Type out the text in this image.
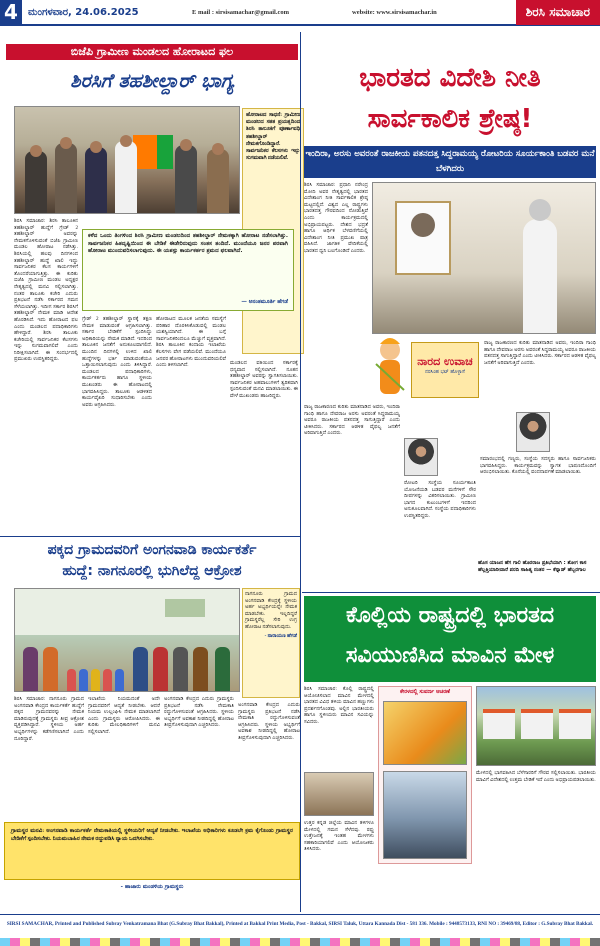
4	ಮಂಗಳವಾರ, 24.06.2025	E mail : sirsisamachar@gmail.com	website: www.sirsisamachar.in	ಶಿರಸಿ ಸಮಾಚಾರ
ಬಿಜೆಪಿ ಗ್ರಾಮೀಣ ಮಂಡಲದ ಹೋರಾಟದ ಫಲ
ಶಿರಸಿಗೆ ತಹಶೀಲ್ದಾರ್ ಭಾಗ್ಯ
ಹೋರಾಟದ ಸಾಧನೆ: ಗ್ರಾಮೀಣ ಮಂಡಲದ ಸತತ ಪ್ರಯತ್ನದಿಂದ ಶಿರಸಿ ತಾಲೂಕಿಗೆ ಪೂರ್ಣಾವಧಿ ತಹಶೀಲ್ದಾರ್ ನೇಮಕಗೊಂಡಿದ್ದಾರೆ. ಸಾರ್ವಜನಿಕರ ಕೆಲಸಗಳು ಇನ್ನು ಸುಗಮವಾಗಿ ನಡೆಯಲಿವೆ.
ಶಿರಸಿ ಸಮಾಚಾರ: ಶಿರಸಿ ತಾಲೂಕಿನ ತಹಶೀಲ್ದಾರ್ ಹುದ್ದೆಗೆ ಗ್ರೇಡ್ 2 ತಹಶೀಲ್ದಾರ್ ಅವರನ್ನು ನೇಮಕಗೊಳಿಸುವಂತೆ ಬಿಜೆಪಿ ಗ್ರಾಮೀಣ ಮಂಡಲ ಹೋರಾಟ ನಡೆಸಿತ್ತು. ಶಿರಸಿಯಲ್ಲಿ ಹಲವು ದಿನಗಳಿಂದ ತಹಶೀಲ್ದಾರ್ ಹುದ್ದೆ ಖಾಲಿ ಇದ್ದು ಸಾರ್ವಜನಿಕರ ಕೆಲಸ ಕಾರ್ಯಗಳಿಗೆ ತೊಂದರೆಯಾಗುತ್ತಿತ್ತು. ಈ ಕುರಿತು ಬಿಜೆಪಿ ಗ್ರಾಮೀಣ ಮಂಡಲ ಅಧ್ಯಕ್ಷರ ನೇತೃತ್ವದಲ್ಲಿ ಮನವಿ ಸಲ್ಲಿಸಲಾಗಿತ್ತು. ನಂತರ ತಾಲೂಕು ಕಚೇರಿ ಎದುರು ಪ್ರತಿಭಟನೆ ನಡೆಸಿ ಸರ್ಕಾರದ ಗಮನ ಸೆಳೆಯಲಾಗಿತ್ತು. ಇದೀಗ ಸರ್ಕಾರ ಶಿರಸಿಗೆ ತಹಶೀಲ್ದಾರ್ ನೇಮಕ ಮಾಡಿ ಆದೇಶ ಹೊರಡಿಸಿದೆ. ಇದು ಹೋರಾಟದ ಫಲ ಎಂದು ಮಂಡಲದ ಪದಾಧಿಕಾರಿಗಳು ಹೇಳಿದ್ದಾರೆ. ಶಿರಸಿ ತಾಲೂಕು ಕಚೇರಿಯಲ್ಲಿ ಸಾರ್ವಜನಿಕರ ಕೆಲಸಗಳು ಇನ್ನು ಸುಗಮವಾಗಲಿವೆ ಎಂದು ನಿರೀಕ್ಷಿಸಲಾಗಿದೆ. ಈ ಸಂದರ್ಭದಲ್ಲಿ ಪ್ರಮುಖರು ಉಪಸ್ಥಿತರಿದ್ದರು.
ಕಳೆದ ಒಂದು ತಿಂಗಳಿಂದ ಶಿರಸಿ ಗ್ರಾಮೀಣ ಮಂಡಲದಿಂದ ತಹಶೀಲ್ದಾರ್ ನೇಮಕಕ್ಕಾಗಿ ಹೋರಾಟ ನಡೆಸಲಾಗಿತ್ತು. ಸಾರ್ವಜನಿಕರ ಹಿತದೃಷ್ಟಿಯಿಂದ ಈ ಬೇಡಿಕೆ ಈಡೇರಿರುವುದು ಸಂತಸ ತಂದಿದೆ. ಮುಂದೆಯೂ ಜನರ ಪರವಾಗಿ ಹೋರಾಟ ಮುಂದುವರಿಸಲಾಗುವುದು. ಈ ಯಶಸ್ಸು ಕಾರ್ಯಕರ್ತರ ಶ್ರಮದ ಫಲವಾಗಿದೆ.
— ಅನಂತಮೂರ್ತಿ ಹೆಗಡೆ
ಗ್ರೇಡ್ 2 ತಹಶೀಲ್ದಾರ್ ಸ್ಥಾನಕ್ಕೆ ತಕ್ಷಣ ನೇಮಕ ಮಾಡುವಂತೆ ಆಗ್ರಹಿಸಲಾಗಿತ್ತು. ಸರ್ಕಾರ ಬೇಡಿಕೆಗೆ ಸ್ಪಂದಿಸಿದ್ದು ಅಧಿಕಾರಿಯನ್ನು ನೇಮಕ ಮಾಡಿದೆ. ಇದರಿಂದ ತಾಲೂಕಿನ ಜನತೆಗೆ ಅನುಕೂಲವಾಗಲಿದೆ. ಮುಂದಿನ ದಿನಗಳಲ್ಲಿ ಉಳಿದ ಖಾಲಿ ಹುದ್ದೆಗಳನ್ನು ಭರ್ತಿ ಮಾಡುವಂತೆಯೂ ಒತ್ತಾಯಿಸಲಾಗುವುದು ಎಂದು ತಿಳಿಸಿದ್ದಾರೆ. ಮಂಡಲದ ಪದಾಧಿಕಾರಿಗಳು, ಕಾರ್ಯಕರ್ತರು ಹಾಗೂ ಸ್ಥಳೀಯ ಮುಖಂಡರು ಈ ಹೋರಾಟದಲ್ಲಿ ಭಾಗವಹಿಸಿದ್ದರು. ತಾಲೂಕು ಆಡಳಿತದ ಕಾರ್ಯವೈಖರಿ ಸುಧಾರಿಸಬೇಕು ಎಂದು ಅವರು ಆಗ್ರಹಿಸಿದರು.
ಹೋರಾಟದ ಮೂಲಕ ಜನತೆಯ ಸಮಸ್ಯೆಗೆ ಪರಿಹಾರ ದೊರಕಿಸಿಕೊಡುವಲ್ಲಿ ಮಂಡಲ ಯಶಸ್ವಿಯಾಗಿದೆ. ಈ ಬಗ್ಗೆ ಸಾರ್ವಜನಿಕರಿಂದಲೂ ಮೆಚ್ಚುಗೆ ವ್ಯಕ್ತವಾಗಿದೆ. ಶಿರಸಿ ತಾಲೂಕಿನ ಕಂದಾಯ ಇಲಾಖೆಯ ಕೆಲಸಗಳು ವೇಗ ಪಡೆಯಲಿವೆ. ಮುಂದೆಯೂ ಜನಪರ ಹೋರಾಟಗಳು ಮುಂದುವರಿಯಲಿವೆ ಎಂದು ತಿಳಿಸಲಾಗಿದೆ.	ಮಂಡಲದ ವತಿಯಿಂದ ಸರ್ಕಾರಕ್ಕೆ ಧನ್ಯವಾದ ಸಲ್ಲಿಸಲಾಗಿದೆ. ನೂತನ ತಹಶೀಲ್ದಾರ್ ಅವರನ್ನು ಸ್ವಾಗತಿಸಲಾಯಿತು. ಸಾರ್ವಜನಿಕರ ಅಹವಾಲುಗಳಿಗೆ ತ್ವರಿತವಾಗಿ ಸ್ಪಂದಿಸುವಂತೆ ಮನವಿ ಮಾಡಲಾಯಿತು. ಈ ವೇಳೆ ಮುಖಂಡರು ಹಾಜರಿದ್ದರು.
ಭಾರತದ ವಿದೇಶಿ ನೀತಿ
ಸಾರ್ವಕಾಲಿಕ ಶ್ರೇಷ್ಠ!
ಇಂದಿರಾ, ಅರಸು ಅವರಂತೆ ರಾಜಕೀಯ ಪತನದತ್ತ ಸಿದ್ದರಾಮಯ್ಯ ರೋಟರಿಯ ಸೂರ್ಯಕಾಂತಿ ಬಡವರ ಮನೆ ಬೆಳಗಿದರು
ಶಿರಸಿ ಸಮಾಚಾರ: ಪ್ರಧಾನಿ ನರೇಂದ್ರ ಮೋದಿ ಅವರ ನೇತೃತ್ವದಲ್ಲಿ ಭಾರತದ ವಿದೇಶಾಂಗ ನೀತಿ ಸಾರ್ವಕಾಲಿಕ ಶ್ರೇಷ್ಠ ಮಟ್ಟದಲ್ಲಿದೆ. ವಿಶ್ವದ ಎಲ್ಲ ರಾಷ್ಟ್ರಗಳು ಭಾರತದತ್ತ ಗೌರವದಿಂದ ನೋಡುತ್ತಿವೆ ಎಂದು ಕಾರ್ಯಕ್ರಮದಲ್ಲಿ ಅಭಿಪ್ರಾಯಪಟ್ಟರು. ದೇಶದ ಭದ್ರತೆ ಹಾಗೂ ಆರ್ಥಿಕ ಬೆಳವಣಿಗೆಯಲ್ಲಿ ವಿದೇಶಾಂಗ ನೀತಿ ಪ್ರಮುಖ ಪಾತ್ರ ವಹಿಸಿದೆ. ಜಾಗತಿಕ ವೇದಿಕೆಯಲ್ಲಿ ಭಾರತದ ಧ್ವನಿ ಬಲಗೊಂಡಿದೆ ಎಂದರು.
ನಾರದ ಉವಾಚ
ನರಸಿಂಹ ಭಟ್ ಹೊಳ್ಳಾಸೆ
ರಾಜ್ಯ ರಾಜಕಾರಣದ ಕುರಿತು ಮಾತನಾಡಿದ ಅವರು, ಇಂದಿರಾ ಗಾಂಧಿ ಹಾಗೂ ದೇವರಾಜ ಅರಸು ಅವರಂತೆ ಸಿದ್ದರಾಮಯ್ಯ ಅವರೂ ರಾಜಕೀಯ ಪತನದತ್ತ ಸಾಗುತ್ತಿದ್ದಾರೆ ಎಂದು ಟೀಕಿಸಿದರು. ಸರ್ಕಾರದ ಆಡಳಿತ ವೈಫಲ್ಯ ಜನತೆಗೆ ಅರಿವಾಗುತ್ತಿದೆ ಎಂದರು.
ರಾಜ್ಯ ರಾಜಕಾರಣದ ಕುರಿತು ಮಾತನಾಡಿದ ಅವರು, ಇಂದಿರಾ ಗಾಂಧಿ ಹಾಗೂ ದೇವರಾಜ ಅರಸು ಅವರಂತೆ ಸಿದ್ದರಾಮಯ್ಯ ಅವರೂ ರಾಜಕೀಯ ಪತನದತ್ತ ಸಾಗುತ್ತಿದ್ದಾರೆ ಎಂದು ಟೀಕಿಸಿದರು. ಸರ್ಕಾರದ ಆಡಳಿತ ವೈಫಲ್ಯ ಜನತೆಗೆ ಅರಿವಾಗುತ್ತಿದೆ ಎಂದರು.
ರೋಟರಿ ಸಂಸ್ಥೆಯ ಸೂರ್ಯಕಾಂತಿ ಯೋಜನೆಯಡಿ ಬಡವರ ಮನೆಗಳಿಗೆ ಸೌರ ದೀಪಗಳನ್ನು ವಿತರಿಸಲಾಯಿತು. ಗ್ರಾಮೀಣ ಭಾಗದ ಕುಟುಂಬಗಳಿಗೆ ಇದರಿಂದ ಅನುಕೂಲವಾಗಿದೆ. ಸಂಸ್ಥೆಯ ಪದಾಧಿಕಾರಿಗಳು ಉಪಸ್ಥಿತರಿದ್ದರು.
ಸಮಾರಂಭದಲ್ಲಿ ಗಣ್ಯರು, ಸಂಸ್ಥೆಯ ಸದಸ್ಯರು ಹಾಗೂ ಸಾರ್ವಜನಿಕರು ಭಾಗವಹಿಸಿದ್ದರು. ಕಾರ್ಯಕ್ರಮವನ್ನು ಸ್ವಾಗತ ಭಾಷಣದೊಂದಿಗೆ ಆರಂಭಿಸಲಾಯಿತು. ಕೊನೆಯಲ್ಲಿ ವಂದನಾರ್ಪಣೆ ಮಾಡಲಾಯಿತು.
ಹೊಸ ಯಾಜನ ಹೆಗ ಗಾಲಿ ಹೊರರಾಜ ಪ್ರತಿಭೆಯಾಗಿ : ಶೋಗ ಕಾಸ ಹೆಲ್ಲತ್ತಿಯಾರೀವಾರೆ ಪರದಿ ಸಾಹಿತ್ಯ ನಂತರ — ಕೆನ್ನಾಡ್ ಹೆಬ್ಬರಗಾಲ
ಪಕ್ಕದ ಗ್ರಾಮದವರಿಗೆ ಅಂಗನವಾಡಿ ಕಾರ್ಯಕರ್ತೆ
ಹುದ್ದೆ: ನಾಗನೂರಲ್ಲಿ ಭುಗಿಲೆದ್ದ ಆಕ್ರೋಶ
ನಾಗನೂರು ಗ್ರಾಮದ ಅಂಗನವಾಡಿ ಕೇಂದ್ರಕ್ಕೆ ಸ್ಥಳೀಯ ಅರ್ಹ ಅಭ್ಯರ್ಥಿಯನ್ನೇ ನೇಮಕ ಮಾಡಬೇಕು. ಇಲ್ಲದಿದ್ದರೆ ಗ್ರಾಮಸ್ಥರೆಲ್ಲ ಸೇರಿ ಉಗ್ರ ಹೋರಾಟ ನಡೆಸಲಾಗುವುದು.
- ನಾರಾಯಣ ಹೆಗಡೆ
ಶಿರಸಿ ಸಮಾಚಾರ: ನಾಗನೂರು ಗ್ರಾಮದ ಅಂಗನವಾಡಿ ಕೇಂದ್ರದ ಕಾರ್ಯಕರ್ತೆ ಹುದ್ದೆಗೆ ಪಕ್ಕದ ಗ್ರಾಮದವರನ್ನು ನೇಮಕ ಮಾಡಿರುವುದಕ್ಕೆ ಗ್ರಾಮಸ್ಥರು ತೀವ್ರ ಆಕ್ರೋಶ ವ್ಯಕ್ತಪಡಿಸಿದ್ದಾರೆ. ಸ್ಥಳೀಯ ಅರ್ಹ ಅಭ್ಯರ್ಥಿಗಳನ್ನು ಕಡೆಗಣಿಸಲಾಗಿದೆ ಎಂದು ದೂರಿದ್ದಾರೆ.
ಇಲಾಖೆಯ ನಿಯಮದಂತೆ ಅದೇ ಗ್ರಾಮದವರಿಗೆ ಆದ್ಯತೆ ನೀಡಬೇಕು. ಆದರೆ ನಿಯಮ ಉಲ್ಲಂಘಿಸಿ ನೇಮಕ ಮಾಡಲಾಗಿದೆ ಎಂದು ಗ್ರಾಮಸ್ಥರು ಆರೋಪಿಸಿದರು. ಈ ಕುರಿತು ಮೇಲಧಿಕಾರಿಗಳಿಗೆ ಮನವಿ ಸಲ್ಲಿಸಲಾಗಿದೆ.
ಅಂಗನವಾಡಿ ಕೇಂದ್ರದ ಎದುರು ಗ್ರಾಮಸ್ಥರು ಪ್ರತಿಭಟನೆ ನಡೆಸಿ ನೇಮಕಾತಿ ರದ್ದುಗೊಳಿಸುವಂತೆ ಆಗ್ರಹಿಸಿದರು. ಸ್ಥಳೀಯ ಅಭ್ಯರ್ಥಿಗೆ ಅವಕಾಶ ನೀಡದಿದ್ದಲ್ಲಿ ಹೋರಾಟ ತೀವ್ರಗೊಳಿಸುವುದಾಗಿ ಎಚ್ಚರಿಸಿದರು.
ಅಂಗನವಾಡಿ ಕೇಂದ್ರದ ಎದುರು ಗ್ರಾಮಸ್ಥರು ಪ್ರತಿಭಟನೆ ನಡೆಸಿ ನೇಮಕಾತಿ ರದ್ದುಗೊಳಿಸುವಂತೆ ಆಗ್ರಹಿಸಿದರು. ಸ್ಥಳೀಯ ಅಭ್ಯರ್ಥಿಗೆ ಅವಕಾಶ ನೀಡದಿದ್ದಲ್ಲಿ ಹೋರಾಟ ತೀವ್ರಗೊಳಿಸುವುದಾಗಿ ಎಚ್ಚರಿಸಿದರು.
ಗ್ರಾಮಸ್ಥರ ಮನವಿ: ಅಂಗನವಾಡಿ ಕಾರ್ಯಕರ್ತೆ ನೇಮಕಾತಿಯಲ್ಲಿ ಸ್ಥಳೀಯರಿಗೆ ಆದ್ಯತೆ ನೀಡಬೇಕು. ಇಲಾಖೆಯ ಅಧಿಕಾರಿಗಳು ಕೂಡಲೇ ಕ್ರಮ ಕೈಗೊಂಡು ಗ್ರಾಮಸ್ಥರ ಬೇಡಿಕೆಗೆ ಸ್ಪಂದಿಸಬೇಕು. ನಿಯಮಬಾಹಿರ ನೇಮಕ ರದ್ದುಪಡಿಸಿ ನ್ಯಾಯ ಒದಗಿಸಬೇಕು.
- ಹಾಜಾರು ಮಂಡಳಿಯ ಗ್ರಾಮಸ್ಥರು
ಕೊಲ್ಲಿಯ ರಾಷ್ಟ್ರದಲ್ಲಿ ಭಾರತದ
ಸವಿಯುಣಿಸಿದ ಮಾವಿನ ಮೇಳ
ಶಿರಸಿ ಸಮಾಚಾರ: ಕೊಲ್ಲಿ ರಾಷ್ಟ್ರದಲ್ಲಿ ಆಯೋಜಿಸಲಾದ ಮಾವಿನ ಮೇಳದಲ್ಲಿ ಭಾರತದ ವಿವಿಧ ತಳಿಯ ಮಾವಿನ ಹಣ್ಣುಗಳು ಪ್ರದರ್ಶನಗೊಂಡವು. ಅಲ್ಲಿನ ಭಾರತೀಯರು ಹಾಗೂ ಸ್ಥಳೀಯರು ಮಾವಿನ ಸವಿಯನ್ನು ಸವಿದರು.
ಕೇರಳದಲ್ಲಿ ಸುವರ್ಣ ಆಚರಣೆ
ಉತ್ತರ ಕನ್ನಡ ಜಿಲ್ಲೆಯ ಮಾವಿನ ತಳಿಗಳೂ ಮೇಳದಲ್ಲಿ ಗಮನ ಸೆಳೆದವು. ರಫ್ತು ಉತ್ತೇಜನಕ್ಕೆ ಇಂತಹ ಮೇಳಗಳು ಸಹಕಾರಿಯಾಗಲಿವೆ ಎಂದು ಆಯೋಜಕರು ತಿಳಿಸಿದರು.
ಮೇಳದಲ್ಲಿ ಭಾಗವಹಿಸಿದ ಬೆಳೆಗಾರರಿಗೆ ಗೌರವ ಸಲ್ಲಿಸಲಾಯಿತು. ಭಾರತೀಯ ಮಾವಿಗೆ ವಿದೇಶದಲ್ಲಿ ಉತ್ತಮ ಬೇಡಿಕೆ ಇದೆ ಎಂದು ಅಭಿಪ್ರಾಯಪಡಲಾಯಿತು.
SIRSI SAMACHAR, Printed and Published Subray Venkatramana Bhat (G.Subray Bhat Bakkal), Printed at Bakkal Print Media, Post - Bakkal, SIRSI Taluk, Uttara Kannada Dist - 581 336. Mobile : 9448573133, RNI NO : 39469/88, Editor : G.Subray Bhat Bakkal.
